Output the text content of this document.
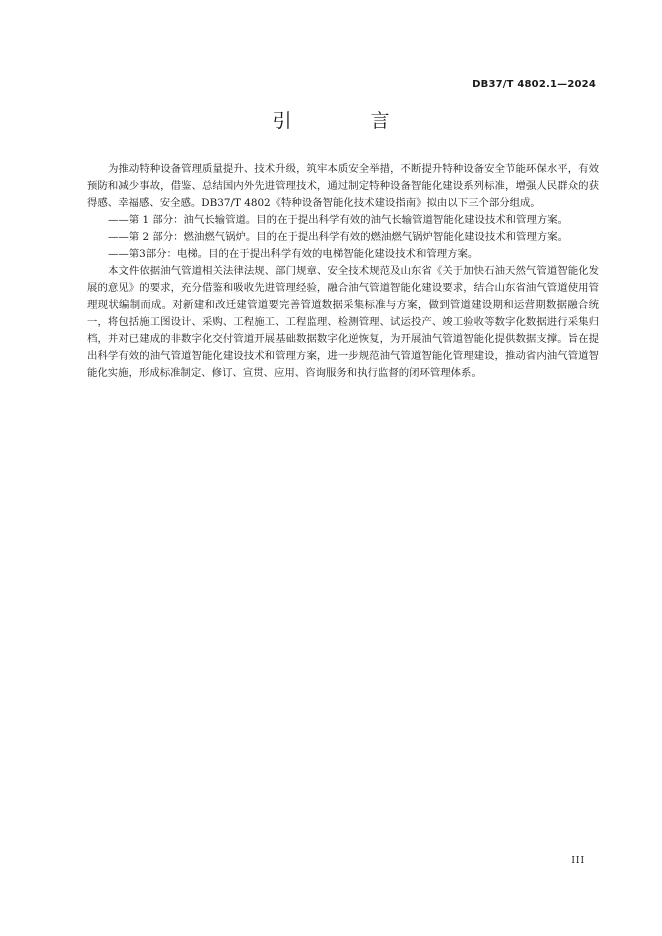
DB37/T 4802.1—2024
引　言

为推动特种设备管理质量提升、技术升级，筑牢本质安全举措，不断提升特种设备安全节能环保水平，有效预防和减少事故，借鉴、总结国内外先进管理技术，通过制定特种设备智能化建设系列标准，增强人民群众的获得感、幸福感、安全感。DB37/T 4802《特种设备智能化技术建设指南》拟由以下三个部分组成。

——第 1 部分：油气长输管道。目的在于提出科学有效的油气长输管道智能化建设技术和管理方案。

——第 2 部分：燃油燃气锅炉。目的在于提出科学有效的燃油燃气锅炉智能化建设技术和管理方案。

——第3部分：电梯。目的在于提出科学有效的电梯智能化建设技术和管理方案。

本文件依据油气管道相关法律法规、部门规章、安全技术规范及山东省《关于加快石油天然气管道智能化发展的意见》的要求，充分借鉴和吸收先进管理经验，融合油气管道智能化建设要求，结合山东省油气管道使用管理现状编制而成。对新建和改迁建管道要完善管道数据采集标准与方案，做到管道建设期和运营期数据融合统一，将包括施工图设计、采购、工程施工、工程监理、检测管理、试运投产、竣工验收等数字化数据进行采集归档，并对已建成的非数字化交付管道开展基础数据数字化逆恢复，为开展油气管道智能化提供数据支撑。旨在提出科学有效的油气管道智能化建设技术和管理方案，进一步规范油气管道智能化管理建设，推动省内油气管道智能化实施，形成标准制定、修订、宣贯、应用、咨询服务和执行监督的闭环管理体系。

III
